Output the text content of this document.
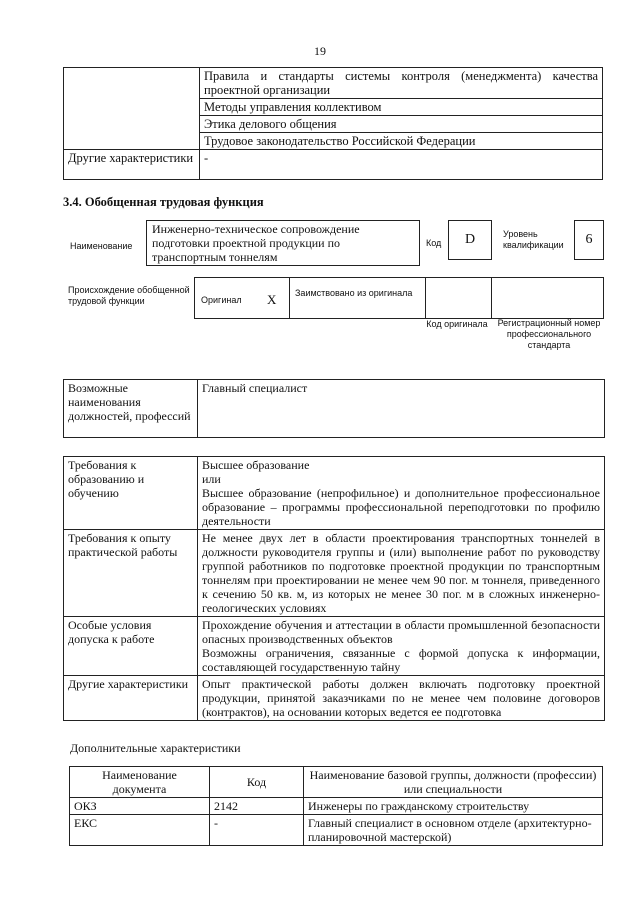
19
	Правила и стандарты системы контроля (менеджмента) качества проектной организации
	Методы управления коллективом
	Этика делового общения
	Трудовое законодательство Российской Федерации
Другие характеристики	-
3.4. Обобщенная трудовая функция
Наименование
Инженерно-техническое сопровождение подготовки проектной продукции по транспортным тоннелям
Код	D	Уровень квалификации	6
Происхождение обобщенной трудовой функции	Оригинал X Заимствовано из оригинала
Код оригинала	Регистрационный номер профессионального стандарта
Возможные наименования должностей, профессий	Главный специалист
Требования к образованию и обучению	Высшее образование
или
Высшее образование (непрофильное) и дополнительное профессиональное образование – программы профессиональной переподготовки по профилю деятельности

Требования к опыту практической работы	Не менее двух лет в области проектирования транспортных тоннелей в должности руководителя группы и (или) выполнение работ по руководству группой работников по подготовке проектной продукции по транспортным тоннелям при проектировании не менее чем 90 пог. м тоннеля, приведенного к сечению 50 кв. м, из которых не менее 30 пог. м в сложных инженерно-геологических условиях

Особые условия допуска к работе	Прохождение обучения и аттестации в области промышленной безопасности опасных производственных объектов
Возможны ограничения, связанные с формой допуска к информации, составляющей государственную тайну

Другие характеристики	Опыт практической работы должен включать подготовку проектной продукции, принятой заказчиками по не менее чем половине договоров (контрактов), на основании которых ведется ее подготовка
Дополнительные характеристики
Наименование документа	Код	Наименование базовой группы, должности (профессии) или специальности
ОКЗ	2142	Инженеры по гражданскому строительству
ЕКС	-	Главный специалист в основном отделе (архитектурно-планировочной мастерской)
